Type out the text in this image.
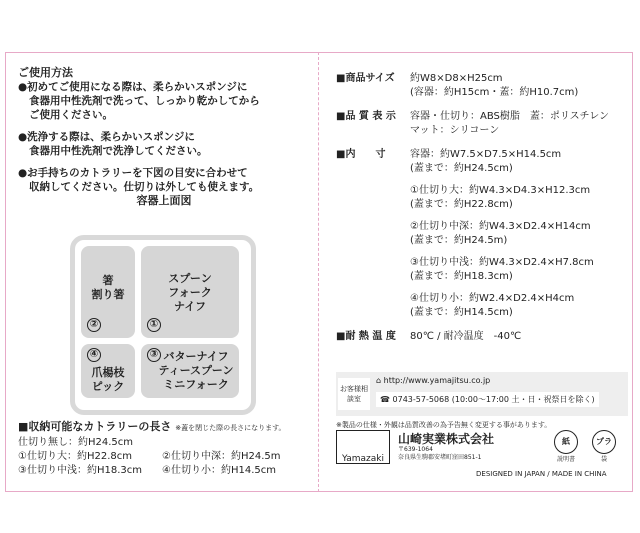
ご使用方法

●初めてご使用になる際は、柔らかいスポンジに

食器用中性洗剤で洗って、しっかり乾かしてから

ご使用ください。

●洗浄する際は、柔らかいスポンジに

食器用中性洗剤で洗浄してください。

●お手持ちのカトラリーを下図の目安に合わせて

収納してください。仕切りは外しても使えます。

容器上面図

箸
割り箸
②
スプーン
フォーク
ナイフ
①
④
爪楊枝
ピック
③ バターナイフ
ティースプーン
ミニフォーク
■収納可能なカトラリーの長さ ※蓋を閉じた際の長さになります。
仕切り無し：約H24.5cm
①仕切り大：約H22.8cm	②仕切り中深：約H24.5m
③仕切り中浅：約H18.3cm	④仕切り小：約H14.5cm
■商品サイズ	約W8×D8×H25cm
(容器：約H15cm・蓋：約H10.7cm)
■品 質 表 示	容器・仕切り：ABS樹脂　蓋：ポリスチレン
マット：シリコーン
■内　　寸	容器：約W7.5×D7.5×H14.5cm
(蓋まで：約H24.5cm)
①仕切り大：約W4.3×D4.3×H12.3cm
(蓋まで：約H22.8cm)
②仕切り中深：約W4.3×D2.4×H14cm
(蓋まで：約H24.5m)
③仕切り中浅：約W4.3×D2.4×H7.8cm
(蓋まで：約H18.3cm)
④仕切り小：約W2.4×D2.4×H4cm
(蓋まで：約H14.5cm)
■耐 熱 温 度	80℃ / 耐冷温度　-40℃
お客様相談室
⌂ http://www.yamajitsu.co.jp
☎ 0743-57-5068 (10:00〜17:00 土・日・祝祭日を除く)
※製品の仕様・外観は品質改善の為予告無く変更する事があります。
Yamazaki
山崎実業株式会社
〒639-1064
奈良県生駒郡安堵町窪田851-1
紙
説明書
プラ
袋
DESIGNED IN JAPAN / MADE IN CHINA
